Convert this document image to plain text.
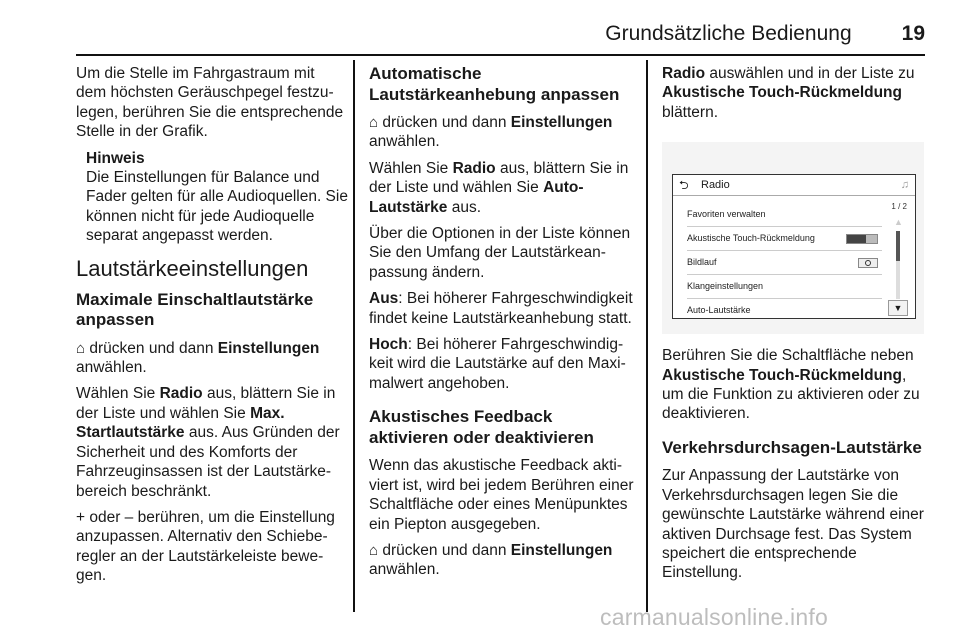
Grundsätzliche Bedienung 19

Um die Stelle im Fahrgastraum mit dem höchsten Geräuschpegel festzulegen, berühren Sie die entsprechende Stelle in der Grafik.

Hinweis
Die Einstellungen für Balance und Fader gelten für alle Audioquellen. Sie können nicht für jede Audioquelle separat angepasst werden.
Lautstärkeeinstellungen
Maximale Einschaltlautstärke anpassen

⌂ drücken und dann Einstellungen anwählen.

Wählen Sie Radio aus, blättern Sie in der Liste und wählen Sie Max. Startlautstärke aus. Aus Gründen der Sicherheit und des Komforts der Fahrzeuginsassen ist der Lautstärkebereich beschränkt.

+ oder – berühren, um die Einstellung anzupassen. Alternativ den Schieberegler an der Lautstärkeleiste bewegen.

Automatische Lautstärkeanhebung anpassen

⌂ drücken und dann Einstellungen anwählen.

Wählen Sie Radio aus, blättern Sie in der Liste und wählen Sie Auto-Lautstärke aus.

Über die Optionen in der Liste können Sie den Umfang der Lautstärkeanpassung ändern.

Aus: Bei höherer Fahrgeschwindigkeit findet keine Lautstärkeanhebung statt.

Hoch: Bei höherer Fahrgeschwindigkeit wird die Lautstärke auf den Maximalwert angehoben.

Akustisches Feedback aktivieren oder deaktivieren

Wenn das akustische Feedback aktiviert ist, wird bei jedem Berühren einer Schaltfläche oder eines Menüpunktes ein Piepton ausgegeben.

⌂ drücken und dann Einstellungen anwählen.

Radio auswählen und in der Liste zu Akustische Touch-Rückmeldung blättern.

⮌ Radio	♫
1 / 2
Favoriten verwalten
Akustische Touch-Rückmeldung
Bildlauf
Klangeinstellungen
Auto-Lautstärke
▲
▼

Berühren Sie die Schaltfläche neben Akustische Touch-Rückmeldung, um die Funktion zu aktivieren oder zu deaktivieren.

Verkehrsdurchsagen-Lautstärke

Zur Anpassung der Lautstärke von Verkehrsdurchsagen legen Sie die gewünschte Lautstärke während einer aktiven Durchsage fest. Das System speichert die entsprechende Einstellung.

carmanualsonline.info
